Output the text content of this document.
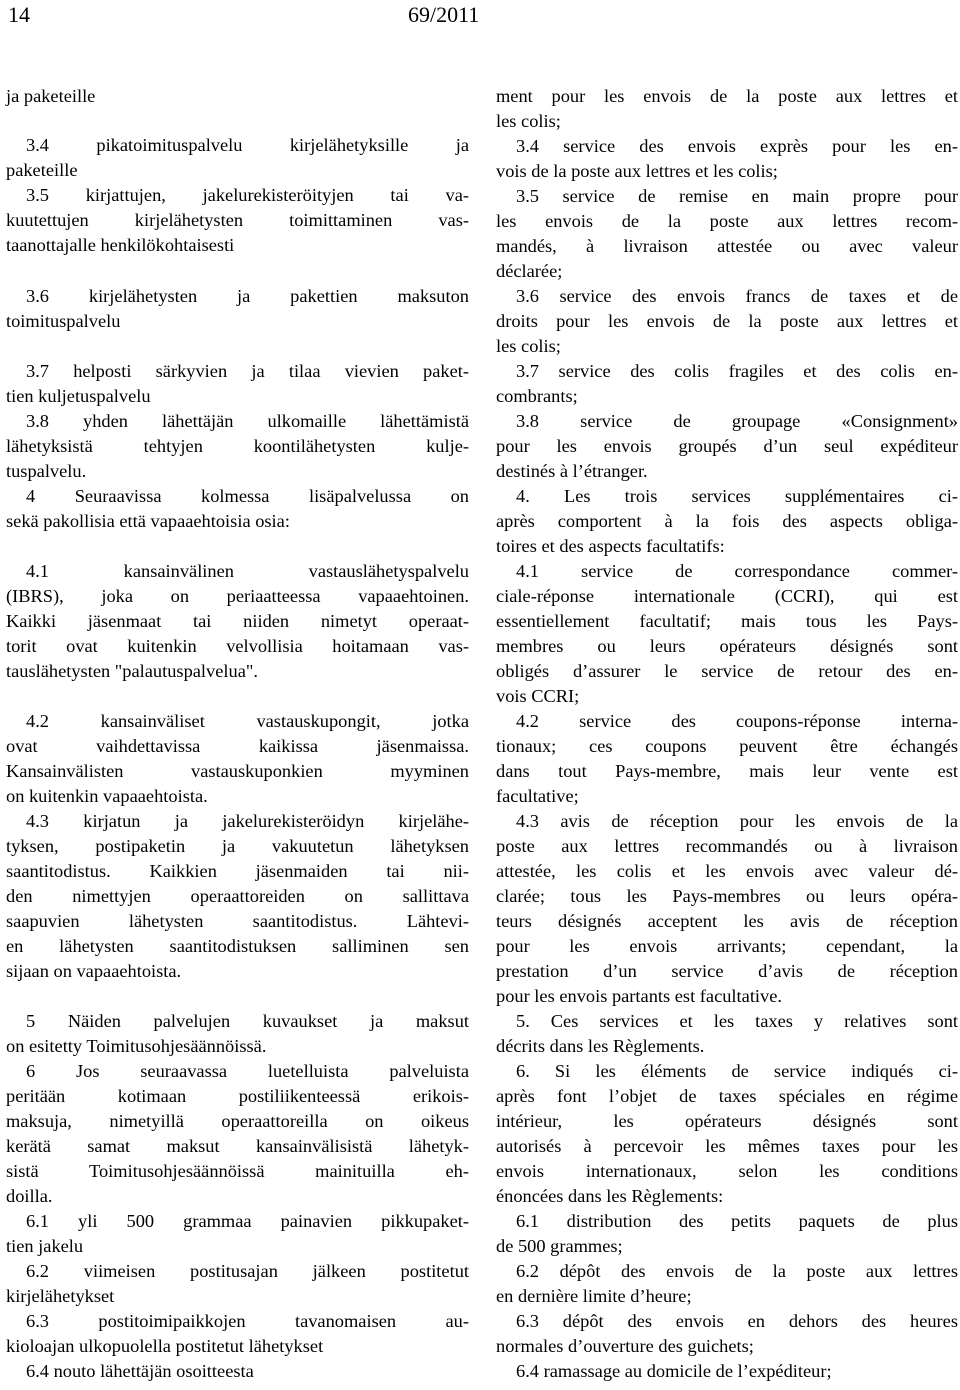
14	69/2011
ja paketeille
3.4 pikatoimituspalvelu kirjelähetyksille ja
paketeille
3.5 kirjattujen, jakelurekisteröityjen tai va-
kuutettujen kirjelähetysten toimittaminen vas-
taanottajalle henkilökohtaisesti
3.6 kirjelähetysten ja pakettien maksuton
toimituspalvelu
3.7 helposti särkyvien ja tilaa vievien paket-
tien kuljetuspalvelu
3.8 yhden lähettäjän ulkomaille lähettämistä
lähetyksistä tehtyjen koontilähetysten kulje-
tuspalvelu.
4 Seuraavissa kolmessa lisäpalvelussa on
sekä pakollisia että vapaaehtoisia osia:
4.1 kansainvälinen vastauslähetyspalvelu
(IBRS), joka on periaatteessa vapaaehtoinen.
Kaikki jäsenmaat tai niiden nimetyt operaat-
torit ovat kuitenkin velvollisia hoitamaan vas-
tauslähetysten "palautuspalvelua".
4.2 kansainväliset vastauskupongit, jotka
ovat vaihdettavissa kaikissa jäsenmaissa.
Kansainvälisten vastauskuponkien myyminen
on kuitenkin vapaaehtoista.
4.3 kirjatun ja jakelurekisteröidyn kirjelähe-
tyksen, postipaketin ja vakuutetun lähetyksen
saantitodistus. Kaikkien jäsenmaiden tai nii-
den nimettyjen operaattoreiden on sallittava
saapuvien lähetysten saantitodistus. Lähtevi-
en lähetysten saantitodistuksen salliminen sen
sijaan on vapaaehtoista.
5 Näiden palvelujen kuvaukset ja maksut
on esitetty Toimitusohjesäännöissä.
6 Jos seuraavassa luetelluista palveluista
peritään kotimaan postiliikenteessä erikois-
maksuja, nimetyillä operaattoreilla on oikeus
kerätä samat maksut kansainvälisistä lähetyk-
sistä Toimitusohjesäännöissä mainituilla eh-
doilla.
6.1 yli 500 grammaa painavien pikkupaket-
tien jakelu
6.2 viimeisen postitusajan jälkeen postitetut
kirjelähetykset
6.3 postitoimipaikkojen tavanomaisen au-
kioloajan ulkopuolella postitetut lähetykset
6.4 nouto lähettäjän osoitteesta
ment pour les envois de la poste aux lettres et
les colis;
3.4 service des envois exprès pour les en-
vois de la poste aux lettres et les colis;
3.5 service de remise en main propre pour
les envois de la poste aux lettres recom-
mandés, à livraison attestée ou avec valeur
déclarée;
3.6 service des envois francs de taxes et de
droits pour les envois de la poste aux lettres et
les colis;
3.7 service des colis fragiles et des colis en-
combrants;
3.8 service de groupage «Consignment»
pour les envois groupés d’un seul expéditeur
destinés à l’étranger.
4. Les trois services supplémentaires ci-
après comportent à la fois des aspects obliga-
toires et des aspects facultatifs:
4.1 service de correspondance commer-
ciale-réponse internationale (CCRI), qui est
essentiellement facultatif; mais tous les Pays-
membres ou leurs opérateurs désignés sont
obligés d’assurer le service de retour des en-
vois CCRI;
4.2 service des coupons-réponse interna-
tionaux; ces coupons peuvent être échangés
dans tout Pays-membre, mais leur vente est
facultative;
4.3 avis de réception pour les envois de la
poste aux lettres recommandés ou à livraison
attestée, les colis et les envois avec valeur dé-
clarée; tous les Pays-membres ou leurs opéra-
teurs désignés acceptent les avis de réception
pour les envois arrivants; cependant, la
prestation d’un service d’avis de réception
pour les envois partants est facultative.
5. Ces services et les taxes y relatives sont
décrits dans les Règlements.
6. Si les éléments de service indiqués ci-
après font l’objet de taxes spéciales en régime
intérieur, les opérateurs désignés sont
autorisés à percevoir les mêmes taxes pour les
envois internationaux, selon les conditions
énoncées dans les Règlements:
6.1 distribution des petits paquets de plus
de 500 grammes;
6.2 dépôt des envois de la poste aux lettres
en dernière limite d’heure;
6.3 dépôt des envois en dehors des heures
normales d’ouverture des guichets;
6.4 ramassage au domicile de l’expéditeur;
